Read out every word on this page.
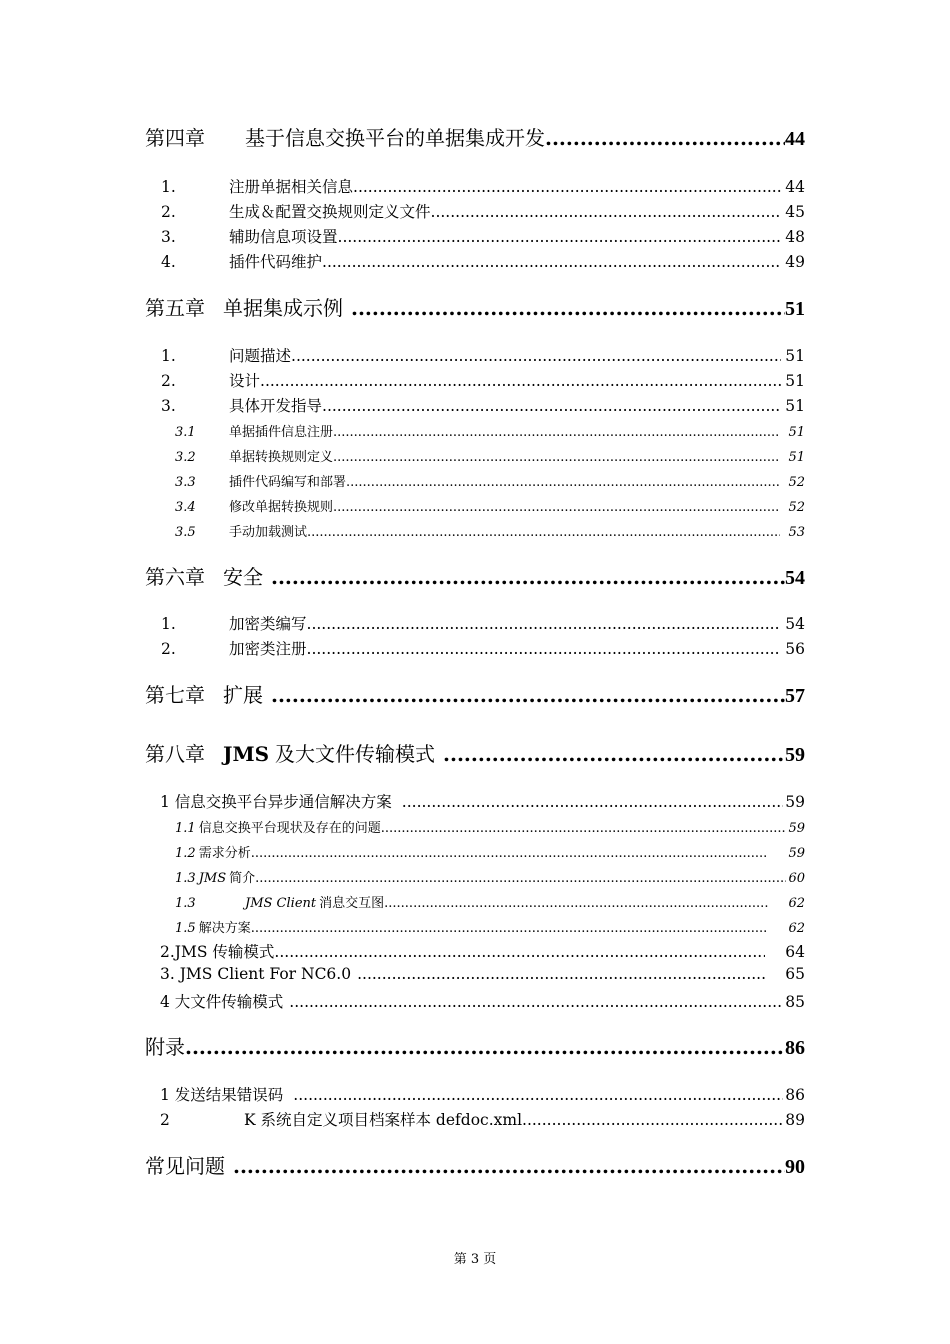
第四章	基于信息交换平台的单据集成开发 .....	44
1.	注册单据相关信息 .....	44
2.	生成＆配置交换规则定义文件 .....	45
3.	辅助信息项设置 .....	48
4.	插件代码维护 .....	49
第五章 单据集成示例 .....	51
1.	问题描述 .....	51
2.	设计 .....	51
3.	具体开发指导 .....	51
3.1	单据插件信息注册 .....	51
3.2	单据转换规则定义 .....	51
3.3	插件代码编写和部署 .....	52
3.4	修改单据转换规则 .....	52
3.5	手动加载测试 .....	53
第六章 安全 .....	54
1.	加密类编写 .....	54
2.	加密类注册 .....	56
第七章 扩展 .....	57
第八章 JMS 及大文件传输模式 .....	59
1 信息交换平台异步通信解决方案 .....	59
1.1 信息交换平台现状及存在的问题 .....	59
1.2 需求分析 .....	59
1.3 JMS 简介 .....	60
1.3	JMS Client 消息交互图 .....	62
1.5 解决方案 .....	62
2.JMS 传输模式 .....	64
3. JMS Client For NC6.0 .....	65
4 大文件传输模式 .....	85
附录 .....	86
1 发送结果错误码 .....	86
2	K 系统自定义项目档案样本 defdoc.xml .....	89
常见问题 .....	90
第 3 页
